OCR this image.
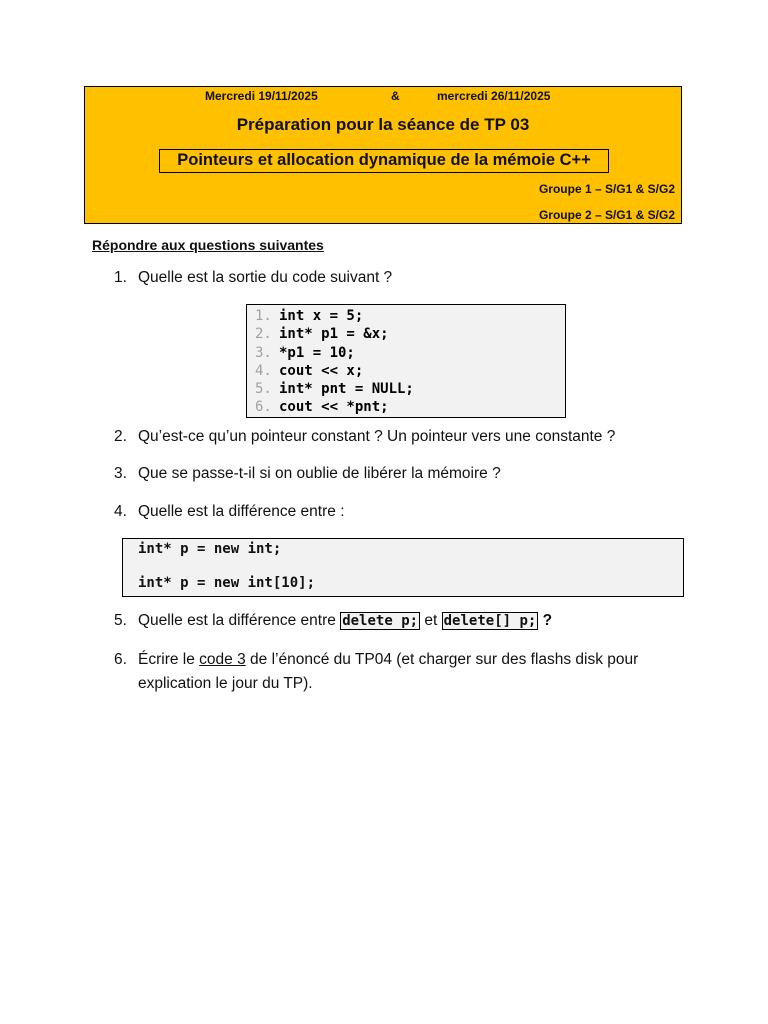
Mercredi 19/11/2025	&	mercredi 26/11/2025
Préparation pour la séance de TP 03
Pointeurs et allocation dynamique de la mémoie C++
Groupe 1 – S/G1 & S/G2
Groupe 2 – S/G1 & S/G2
Répondre aux questions suivantes
1. Quelle est la sortie du code suivant ?
1. int x = 5;
2. int* p1 = &x;
3. *p1 = 10;
4. cout << x;
5. int* pnt = NULL;
6. cout << *pnt;
2. Qu’est-ce qu’un pointeur constant ? Un pointeur vers une constante ?
3. Que se passe-t-il si on oublie de libérer la mémoire ?
4. Quelle est la différence entre :
int* p = new int;
int* p = new int[10];
5. Quelle est la différence entre delete p; et delete[] p; ?
6. Écrire le code 3 de l’énoncé du TP04 (et charger sur des flashs disk pour
explication le jour du TP).
